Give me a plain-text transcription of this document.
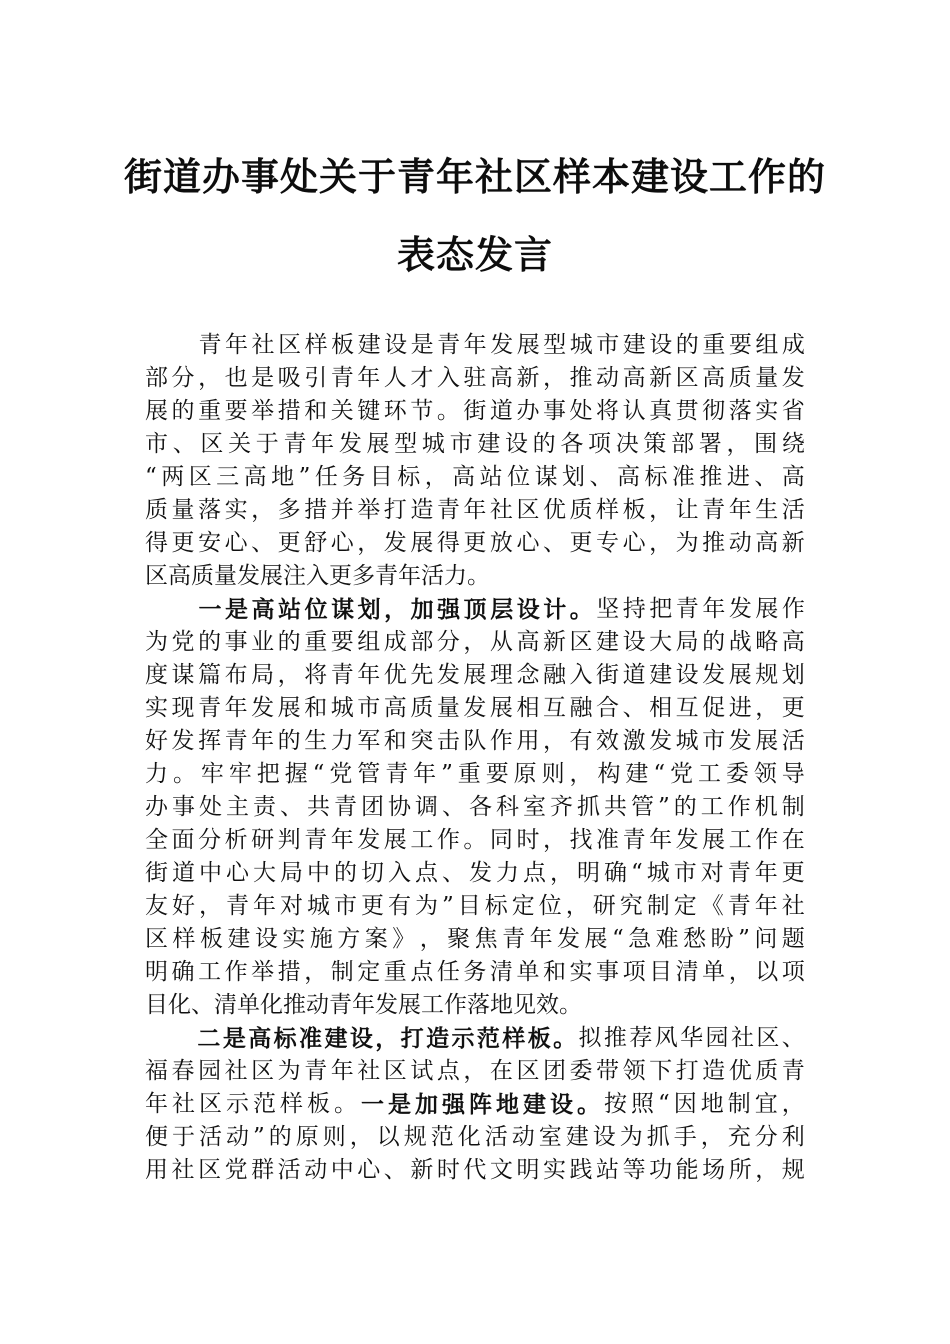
街道办事处关于青年社区样本建设工作的
表态发言
青 年 社 区 样 板 建 设 是 青 年 发 展 型 城 市 建 设 的 重 要 组 成
部 分 ， 也 是 吸 引 青 年 人 才 入 驻 高 新 ， 推 动 高 新 区 高 质 量 发
展 的 重 要 举 措 和 关 键 环 节 。 街 道 办 事 处 将 认 真 贯 彻 落 实 省
市 、 区 关 于 青 年 发 展 型 城 市 建 设 的 各 项 决 策 部 署 ， 围 绕
“ 两 区 三 高 地 ” 任 务 目 标 ， 高 站 位 谋 划 、 高 标 准 推 进 、 高
质 量 落 实 ， 多 措 并 举 打 造 青 年 社 区 优 质 样 板 ， 让 青 年 生 活
得 更 安 心 、 更 舒 心 ， 发 展 得 更 放 心 、 更 专 心 ， 为 推 动 高 新
区 高 质 量 发 展 注 入 更 多 青 年 活 力 。
一 是 高 站 位 谋 划 ， 加 强 顶 层 设 计 。 坚 持 把 青 年 发 展 作
为 党 的 事 业 的 重 要 组 成 部 分 ， 从 高 新 区 建 设 大 局 的 战 略 高
度 谋 篇 布 局 ， 将 青 年 优 先 发 展 理 念 融 入 街 道 建 设 发 展 规 划
实 现 青 年 发 展 和 城 市 高 质 量 发 展 相 互 融 合 、 相 互 促 进 ， 更
好 发 挥 青 年 的 生 力 军 和 突 击 队 作 用 ， 有 效 激 发 城 市 发 展 活
力 。 牢 牢 把 握 “ 党 管 青 年 ” 重 要 原 则 ， 构 建 “ 党 工 委 领 导
办 事 处 主 责 、 共 青 团 协 调 、 各 科 室 齐 抓 共 管 ” 的 工 作 机 制
全 面 分 析 研 判 青 年 发 展 工 作 。 同 时 ， 找 准 青 年 发 展 工 作 在
街 道 中 心 大 局 中 的 切 入 点 、 发 力 点 ， 明 确 “ 城 市 对 青 年 更
友 好 ， 青 年 对 城 市 更 有 为 ” 目 标 定 位 ， 研 究 制 定 《 青 年 社
区 样 板 建 设 实 施 方 案 》 ， 聚 焦 青 年 发 展 “ 急 难 愁 盼 ” 问 题
明 确 工 作 举 措 ， 制 定 重 点 任 务 清 单 和 实 事 项 目 清 单 ， 以 项
目 化 、 清 单 化 推 动 青 年 发 展 工 作 落 地 见 效 。
二 是 高 标 准 建 设 ， 打 造 示 范 样 板 。 拟 推 荐 风 华 园 社 区 、
福 春 园 社 区 为 青 年 社 区 试 点 ， 在 区 团 委 带 领 下 打 造 优 质 青
年 社 区 示 范 样 板 。 一 是 加 强 阵 地 建 设 。 按 照 “ 因 地 制 宜 ，
便 于 活 动 ” 的 原 则 ， 以 规 范 化 活 动 室 建 设 为 抓 手 ， 充 分 利
用 社 区 党 群 活 动 中 心 、 新 时 代 文 明 实 践 站 等 功 能 场 所 ， 规
